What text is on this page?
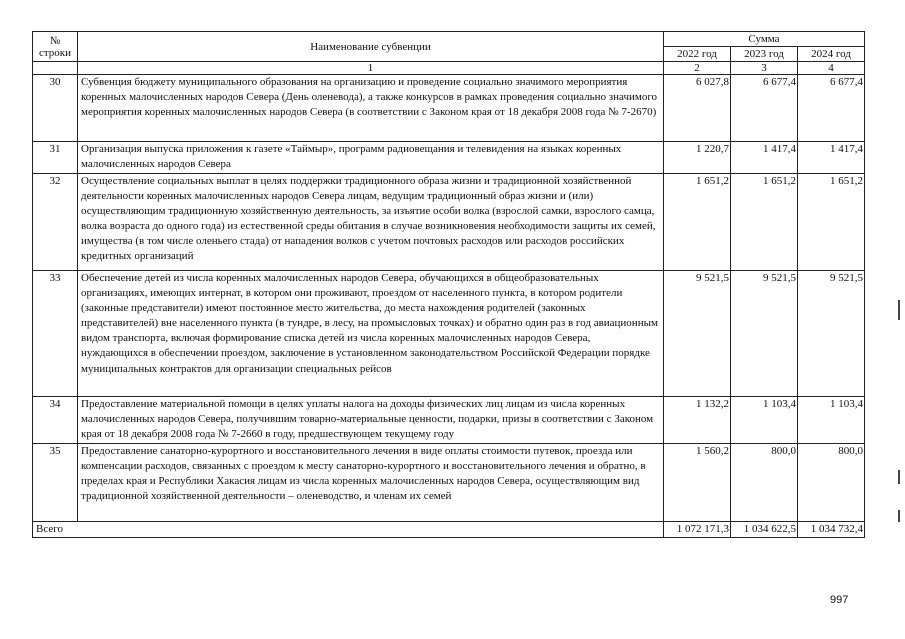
№
строки	Наименование субвенции	Сумма		
		2022 год	2023 год	2024 год
	1	2	3	4
30	Субвенция бюджету муниципального образования на организацию и проведение социально значимого мероприятия коренных малочисленных народов Севера (День оленевода), а также конкурсов в рамках проведения социально значимого мероприятия коренных малочисленных народов Севера (в соответствии с Законом края от 18 декабря 2008 года № 7-2670)	6 027,8	6 677,4	6 677,4
31	Организация выпуска приложения к газете «Таймыр», программ радиовещания и телевидения на языках коренных малочисленных народов Севера	1 220,7	1 417,4	1 417,4
32	Осуществление социальных выплат в целях поддержки традиционного образа жизни и традиционной хозяйственной деятельности коренных малочисленных народов Севера лицам, ведущим традиционный образ жизни и (или) осуществляющим традиционную хозяйственную деятельность, за изъятие особи волка (взрослой самки, взрослого самца, волка возраста до одного года) из естественной среды обитания в случае возникновения необходимости защиты их семей, имущества (в том числе оленьего стада) от нападения волков с учетом почтовых расходов или расходов российских кредитных организаций	1 651,2	1 651,2	1 651,2
33	Обеспечение детей из числа коренных малочисленных народов Севера, обучающихся в общеобразовательных организациях, имеющих интернат, в котором они проживают, проездом от населенного пункта, в котором родители (законные представители) имеют постоянное место жительства, до места нахождения родителей (законных представителей) вне населенного пункта (в тундре, в лесу, на промысловых точках) и обратно один раз в год авиационным видом транспорта, включая формирование списка детей из числа коренных малочисленных народов Севера, нуждающихся в обеспечении проездом, заключение в установленном законодательством Российской Федерации порядке муниципальных контрактов для организации специальных рейсов	9 521,5	9 521,5	9 521,5
34	Предоставление материальной помощи в целях уплаты налога на доходы физических лиц лицам из числа коренных малочисленных народов Севера, получившим товарно-материальные ценности, подарки, призы в соответствии с Законом края от 18 декабря 2008 года № 7-2660 в году, предшествующем текущему году	1 132,2	1 103,4	1 103,4
35	Предоставление санаторно-курортного и восстановительного лечения в виде оплаты стоимости путевок, проезда или компенсации расходов, связанных с проездом к месту санаторно-курортного и восстановительного лечения и обратно, в пределах края и Республики Хакасия лицам из числа коренных малочисленных народов Севера, осуществляющим вид традиционной хозяйственной деятельности – оленеводство, и членам их семей	1 560,2	800,0	800,0
Всего		1 072 171,3	1 034 622,5	1 034 732,4
997
